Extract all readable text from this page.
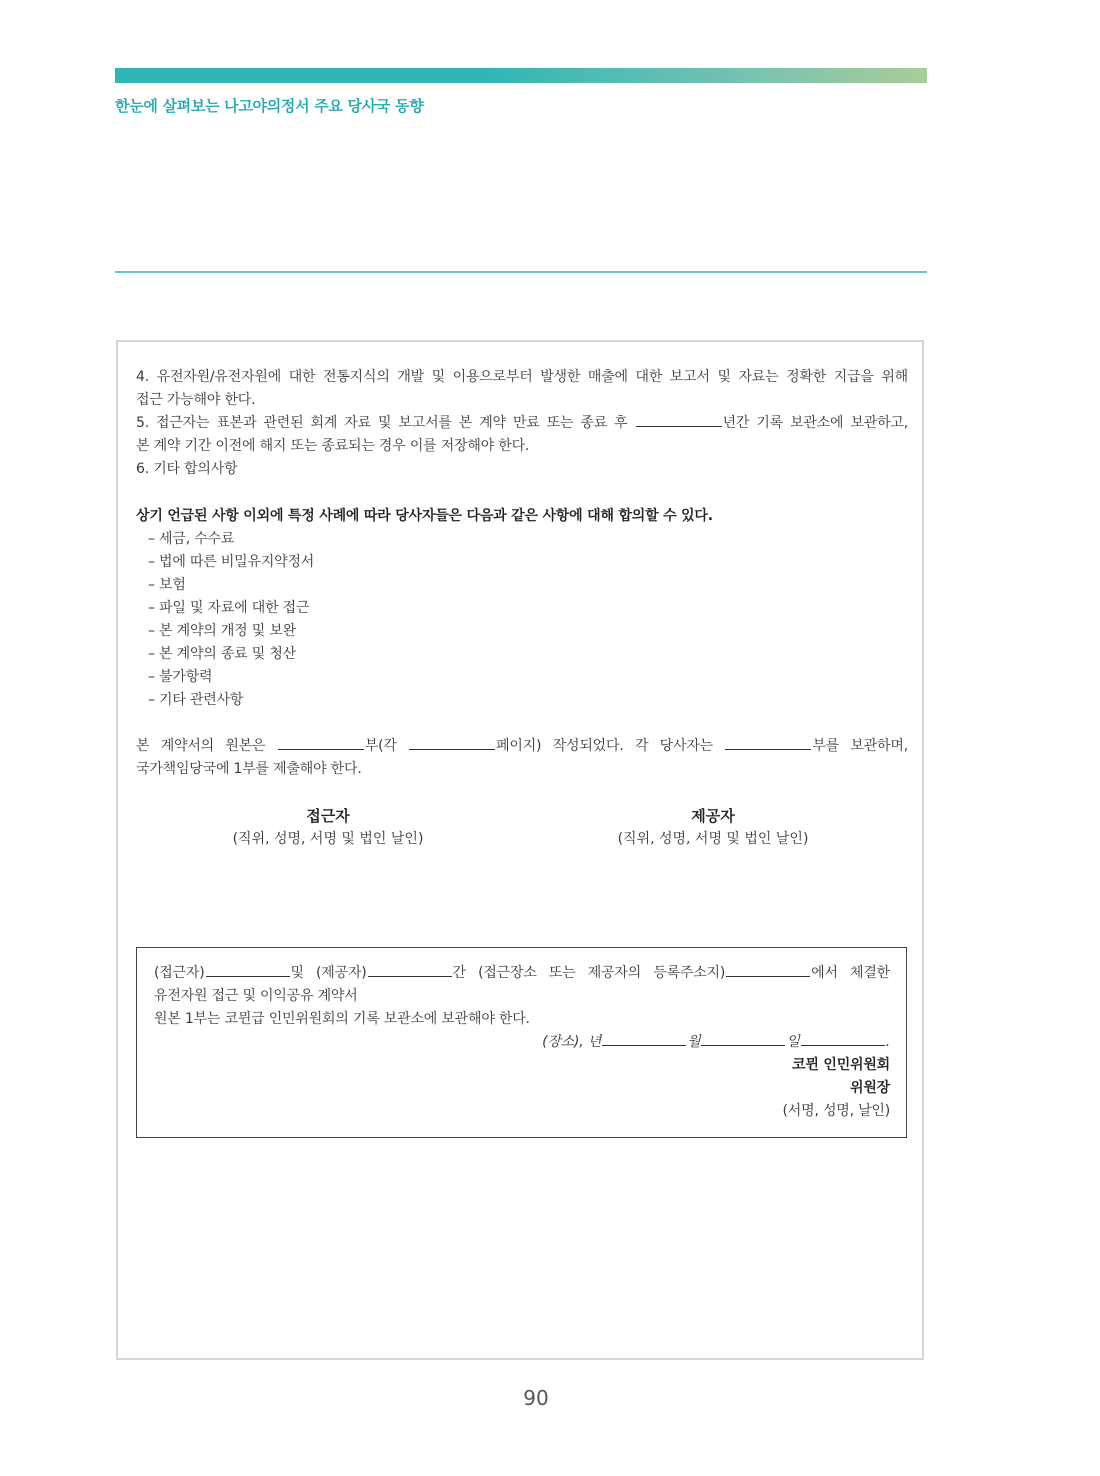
한눈에 살펴보는 나고야의정서 주요 당사국 동향

4. 유전자원/유전자원에 대한 전통지식의 개발 및 이용으로부터 발생한 매출에 대한 보고서 및 자료는 정확한 지급을 위해

접근 가능해야 한다.

5. 접근자는 표본과 관련된 회계 자료 및 보고서를 본 계약 만료 또는 종료 후	년간 기록 보관소에 보관하고,

본 계약 기간 이전에 해지 또는 종료되는 경우 이를 저장해야 한다.

6. 기타 합의사항

상기 언급된 사항 이외에 특정 사례에 따라 당사자들은 다음과 같은 사항에 대해 합의할 수 있다.

– 세금, 수수료

– 법에 따른 비밀유지약정서

– 보험

– 파일 및 자료에 대한 접근

– 본 계약의 개정 및 보완

– 본 계약의 종료 및 청산

– 불가항력

– 기타 관련사항

본 계약서의 원본은	부(각	페이지) 작성되었다. 각 당사자는	부를 보관하며,

국가책임당국에 1부를 제출해야 한다.

접근자
(직위, 성명, 서명 및 법인 날인)
제공자
(직위, 성명, 서명 및 법인 날인)
(접근자)	및 (제공자)	간 (접근장소 또는 제공자의 등록주소지)	에서 체결한
유전자원 접근 및 이익공유 계약서
원본 1부는 코뮌급 인민위원회의 기록 보관소에 보관해야 한다.
(장소), 년	월	일	.
코뮌 인민위원회
위원장
(서명, 성명, 날인)
90
